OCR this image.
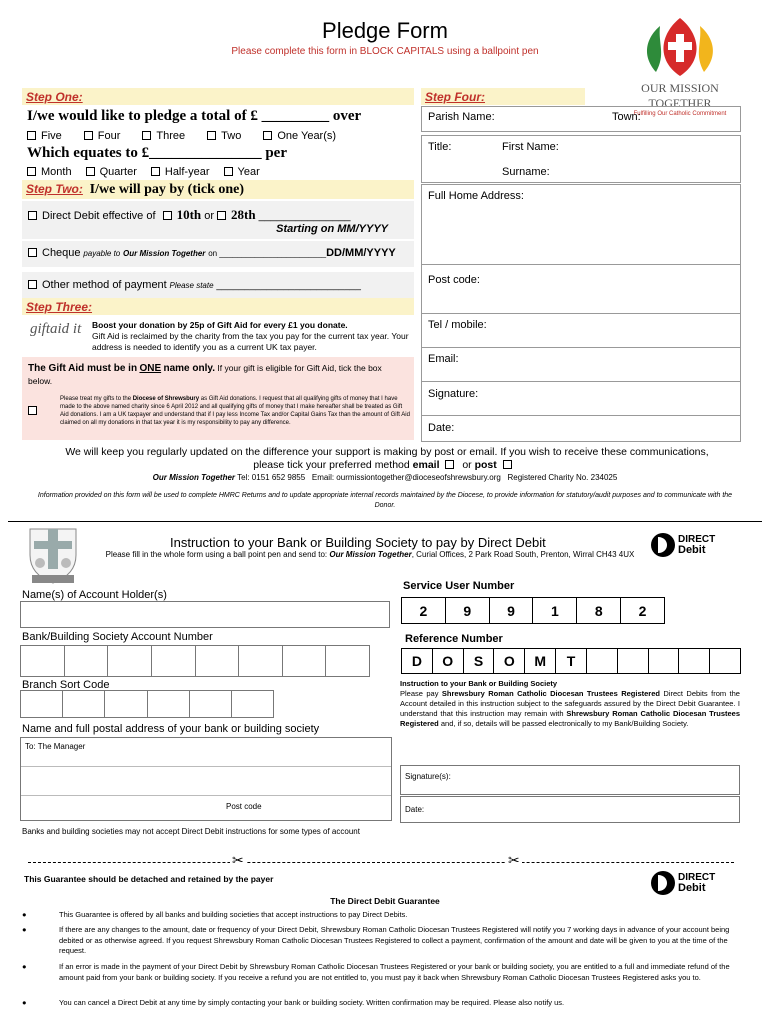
Pledge Form
Please complete this form in BLOCK CAPITALS using a ballpoint pen
OUR MISSION TOGETHER
Fulfilling Our Catholic Commitment
Step One:
I/we would like to pledge a total of £ _________ over
Five	Four	Three	Two	One Year(s)
Which equates to £_______________ per
Month	Quarter	Half-year	Year
Step Two: I/we will pay by (tick one)
Direct Debit effective of 10th or 28th _______________
Starting on MM/YYYY
Cheque payable to Our Mission Together on ________________________DD/MM/YYYY
Other method of payment Please state __________________________
Step Three:
giftaid it Boost your donation by 25p of Gift Aid for every £1 you donate.
Gift Aid is reclaimed by the charity from the tax you pay for the current tax year. Your address is needed to identify you as a current UK tax payer.
The Gift Aid must be in ONE name only. If your gift is eligible for Gift Aid, tick the box below.
Please treat my gifts to the Diocese of Shrewsbury as Gift Aid donations. I request that all qualifying gifts of money that I have made to the above named charity since 6 April 2012 and all qualifying gifts of money that I make hereafter shall be treated as Gift Aid donations. I am a UK taxpayer and understand that if I pay less Income Tax and/or Capital Gains Tax than the amount of Gift Aid claimed on all my donations in that tax year it is my responsibility to pay any difference.
Step Four:
Parish Name:	Town:
Title:	First Name:
Surname:
Full Home Address:
Post code:
Tel / mobile:
Email:
Signature:
Date:
We will keep you regularly updated on the difference your support is making by post or email. If you wish to receive these communications,
please tick your preferred method email or post
Our Mission Together Tel: 0151 652 9855 Email: ourmissiontogether@dioceseofshrewsbury.org Registered Charity No. 234025
Information provided on this form will be used to complete HMRC Returns and to update appropriate internal records maintained by the Diocese, to provide information for statutory/audit purposes and to communicate with the Donor.
Instruction to your Bank or Building Society to pay by Direct Debit
Please fill in the whole form using a ball point pen and send to: Our Mission Together, Curial Offices, 2 Park Road South, Prenton, Wirral CH43 4UX
DIRECT
Debit
Name(s) of Account Holder(s)
Bank/Building Society Account Number
Branch Sort Code
Name and full postal address of your bank or building society
To: The Manager
Post code
Banks and building societies may not accept Direct Debit instructions for some types of account
Service User Number
2	9	9	1	8	2
Reference Number
D	O	S	O	M	T
Instruction to your Bank or Building Society
Please pay Shrewsbury Roman Catholic Diocesan Trustees Registered Direct Debits from the Account detailed in this instruction subject to the safeguards assured by the Direct Debit Guarantee. I understand that this instruction may remain with Shrewsbury Roman Catholic Diocesan Trustees Registered and, if so, details will be passed electronically to my Bank/Building Society.
Signature(s):
Date:
✂	✂
This Guarantee should be detached and retained by the payer	DIRECT
Debit
The Direct Debit Guarantee
●	This Guarantee is offered by all banks and building societies that accept instructions to pay Direct Debits.
●	If there are any changes to the amount, date or frequency of your Direct Debit, Shrewsbury Roman Catholic Diocesan Trustees Registered will notify you 7 working days in advance of your account being debited or as otherwise agreed. If you request Shrewsbury Roman Catholic Diocesan Trustees Registered to collect a payment, confirmation of the amount and date will be given to you at the time of the request.
●	If an error is made in the payment of your Direct Debit by Shrewsbury Roman Catholic Diocesan Trustees Registered or your bank or building society, you are entitled to a full and immediate refund of the amount paid from your bank or building society. If you receive a refund you are not entitled to, you must pay it back when Shrewsbury Roman Catholic Diocesan Trustees Registered asks you to.
●	You can cancel a Direct Debit at any time by simply contacting your bank or building society. Written confirmation may be required. Please also notify us.
